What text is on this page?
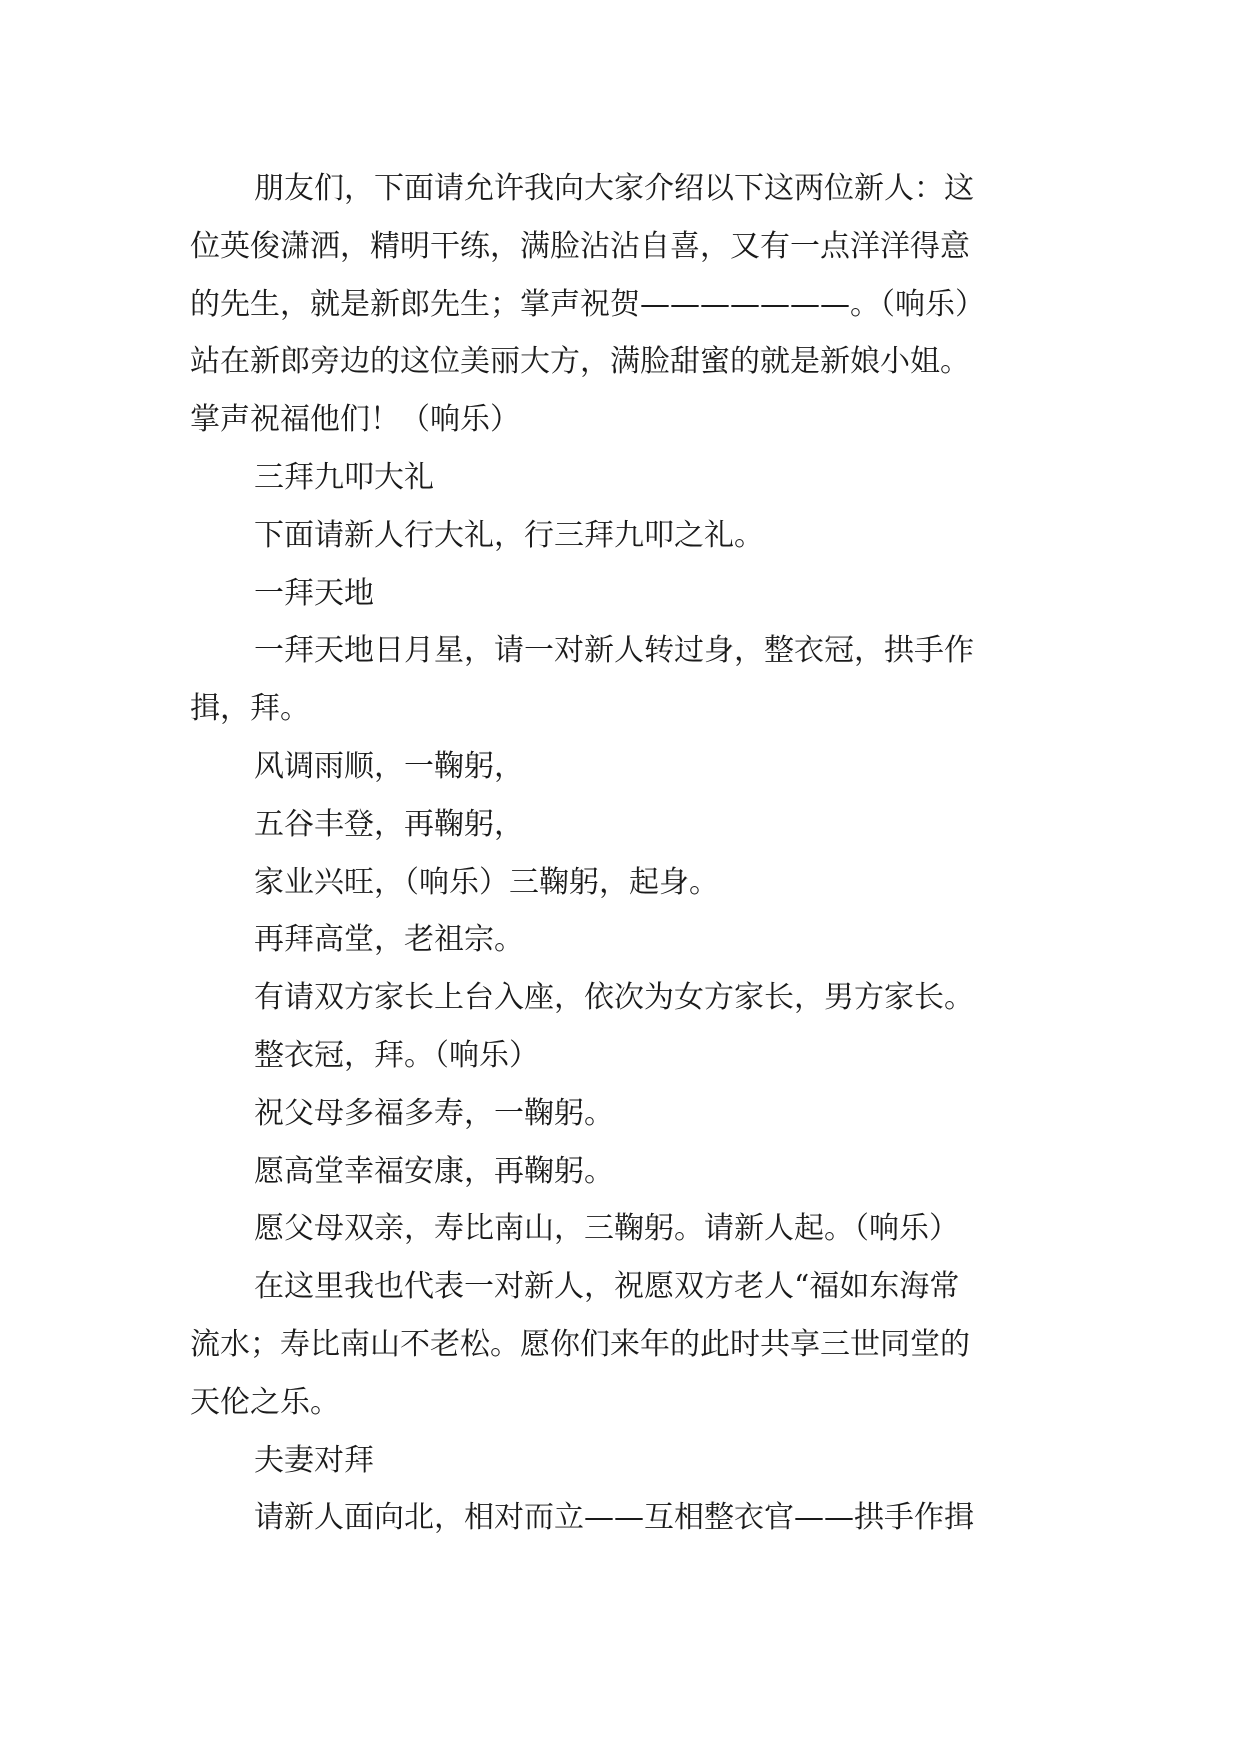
朋友们，下面请允许我向大家介绍以下这两位新人：这
位英俊潇洒，精明干练，满脸沾沾自喜，又有一点洋洋得意
的先生，就是新郎先生；掌声祝贺———————。（响乐）
站在新郎旁边的这位美丽大方，满脸甜蜜的就是新娘小姐。
掌声祝福他们！（响乐）

三拜九叩大礼

下面请新人行大礼，行三拜九叩之礼。

一拜天地

一拜天地日月星，请一对新人转过身，整衣冠，拱手作
揖，拜。

风调雨顺，一鞠躬，

五谷丰登，再鞠躬，

家业兴旺，（响乐）三鞠躬，起身。

再拜高堂，老祖宗。

有请双方家长上台入座，依次为女方家长，男方家长。

整衣冠，拜。（响乐）

祝父母多福多寿，一鞠躬。

愿高堂幸福安康，再鞠躬。

愿父母双亲，寿比南山，三鞠躬。请新人起。（响乐）

在这里我也代表一对新人，祝愿双方老人“福如东海常
流水；寿比南山不老松。愿你们来年的此时共享三世同堂的
天伦之乐。

夫妻对拜

请新人面向北，相对而立——互相整衣官——拱手作揖
